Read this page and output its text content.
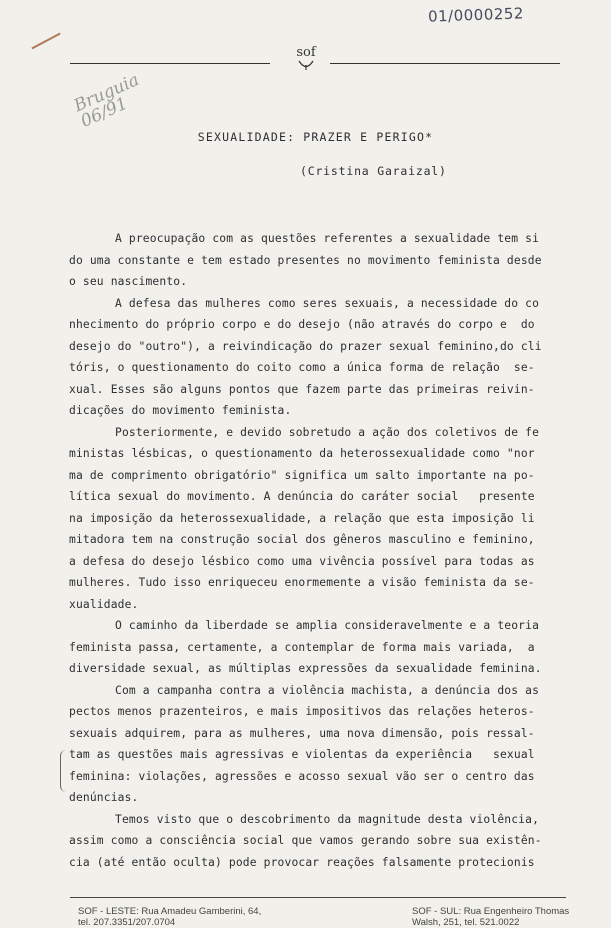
01/0000252
Bruguia 06/91
sof
SEXUALIDADE: PRAZER E PERIGO*
(Cristina Garaizal)
A preocupação com as questões referentes a sexualidade tem si
do uma constante e tem estado presentes no movimento feminista desde
o seu nascimento.
A defesa das mulheres como seres sexuais, a necessidade do co
nhecimento do próprio corpo e do desejo (não através do corpo e  do
desejo do "outro"), a reivindicação do prazer sexual feminino,do cli
tóris, o questionamento do coito como a única forma de relação  se-
xual. Esses são alguns pontos que fazem parte das primeiras reivin-
dicações do movimento feminista.
Posteriormente, e devido sobretudo a ação dos coletivos de fe
ministas lésbicas, o questionamento da heterossexualidade como "nor
ma de comprimento obrigatório" significa um salto importante na po-
lítica sexual do movimento. A denúncia do caráter social   presente
na imposição da heterossexualidade, a relação que esta imposição li
mitadora tem na construção social dos gêneros masculino e feminino,
a defesa do desejo lésbico como uma vivência possível para todas as
mulheres. Tudo isso enriqueceu enormemente a visão feminista da se-
xualidade.
O caminho da liberdade se amplia consideravelmente e a teoria
feminista passa, certamente, a contemplar de forma mais variada,  a
diversidade sexual, as múltiplas expressões da sexualidade feminina.
Com a campanha contra a violência machista, a denúncia dos as
pectos menos prazenteiros, e mais impositivos das relações heteros-
sexuais adquirem, para as mulheres, uma nova dimensão, pois ressal-
tam as questões mais agressivas e violentas da experiência   sexual
feminina: violações, agressões e acosso sexual vão ser o centro das
denúncias.
Temos visto que o descobrimento da magnitude desta violência,
assim como a consciência social que vamos gerando sobre sua existên-
cia (até então oculta) pode provocar reações falsamente protecionis
SOF - LESTE: Rua Amadeu Gamberini, 64,
tel. 207.3351/207.0704
SOF - SUL: Rua Engenheiro Thomas
Walsh, 251, tel. 521.0022
